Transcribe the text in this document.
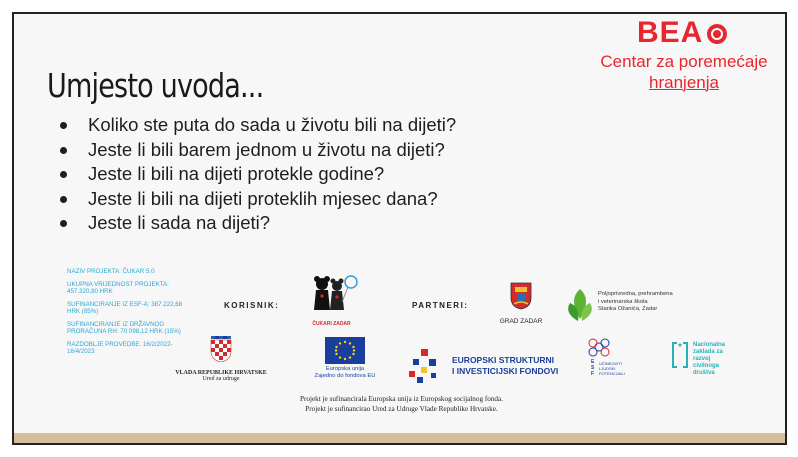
BEA
Centar za poremećaje
hranjenja
Umjesto uvoda...
Koliko ste puta do sada u životu bili na dijeti?
Jeste li bili barem jednom u životu na dijeti?
Jeste li bili na dijeti protekle godine?
Jeste li bili na dijeti proteklih mjesec dana?
Jeste li sada na dijeti?
NAZIV PROJEKTA: ČUKAR 5.0
UKUPNA VRIJEDNOST PROJEKTA: 457.320,80 HRK
SUFINANCIRANJE IZ ESF-A: 387.222,68 HRK (85%)
SUFINANCIRANJE IZ DRŽAVNOG PRORAČUNA RH: 70.098,12 HRK (15%)
RAZDOBLJE PROVEDBE: 16/2/2022- 16/4/2023
KORISNIK:	PARTNERI:
ČUKARI ZADAR	GRAD ZADAR
Poljoprivredna, prehrambena
i veterinarska škola
Stanka Ožanića, Zadar
VLADA REPUBLIKE HRVATSKE
Ured za udruge
Europska unija
Zajedno do fondova EU
EUROPSKI STRUKTURNI
I INVESTICIJSKI FONDOVI
E
S
F
UČINKOVITI LJUDSKI POTENCIJALI
Nacionalna
zaklada za
razvoj
civilnoga
društva
Projekt je sufinancirala Europska unija iz Europskog socijalnog fonda.
Projekt je sufinancirao Ured za Udruge Vlade Republike Hrvatske.
